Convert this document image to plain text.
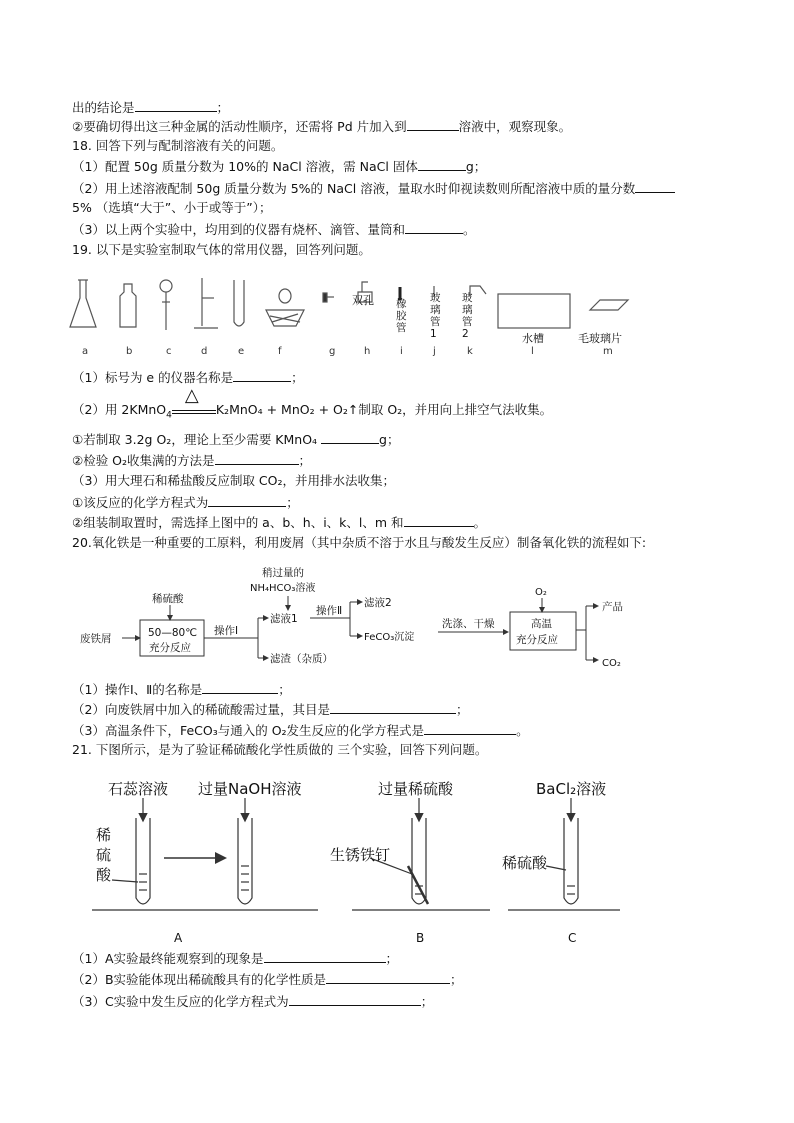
出的结论是	；
②要确切得出这三种金属的活动性顺序，还需将 Pd 片加入到	溶液中，观察现象。
18. 回答下列与配制溶液有关的问题。
（1）配置 50g 质量分数为 10%的 NaCl 溶液，需 NaCl 固体	g；
（2）用上述溶液配制 50g 质量分数为 5%的 NaCl 溶液，量取水时仰视读数则所配溶液中质的量分数
5% （选填“大于”、小于或等于”）；
（3）以上两个实验中，均用到的仪器有烧杯、滴管、量筒和	。
19. 以下是实验室制取气体的常用仪器，回答列问题。
双孔 橡胶管
玻璃管1
玻璃管2	水槽	毛玻璃片
a	b	c	d	e	f	g	h	i	j	k	l	m
（1）标号为 e 的仪器名称是	；
（2）用 2KMnO$_4$
△
K₂MnO₄ + MnO₂ + O₂↑制取 O₂，并用向上排空气法收集。
①若制取 3.2g O₂，理论上至少需要 KMnO₄	g；
②检验 O₂收集满的方法是	；
（3）用大理石和稀盐酸反应制取 CO₂，并用排水法收集；
①该反应的化学方程式为	；
②组装制取置时，需选择上图中的 a、b、h、i、k、l、m 和	。
20.氧化铁是一种重要的工原料，利用废屑（其中杂质不溶于水且与酸发生反应）制备氧化铁的流程如下:
废铁屑
稀硫酸
50—80℃
充分反应
操作Ⅰ
滤液1
滤渣（杂质）
稍过量的
NH₄HCO₃溶液
操作Ⅱ
滤液2
FeCO₃沉淀
洗涤、干燥
O₂
高温
充分反应
产品
CO₂
（1）操作Ⅰ、Ⅱ的名称是	；
（2）向废铁屑中加入的稀硫酸需过量，其目是	；
（3）高温条件下，FeCO₃与通入的 O₂发生反应的化学方程式是	。
21. 下图所示，是为了验证稀硫酸化学性质做的 三个实验，回答下列问题。
石蕊溶液 过量NaOH溶液
稀
硫
酸
过量稀硫酸
生锈铁钉
BaCl₂溶液
稀硫酸
A	B	C
（1）A实验最终能观察到的现象是	；
（2）B实验能体现出稀硫酸具有的化学性质是	；
（3）C实验中发生反应的化学方程式为	；
